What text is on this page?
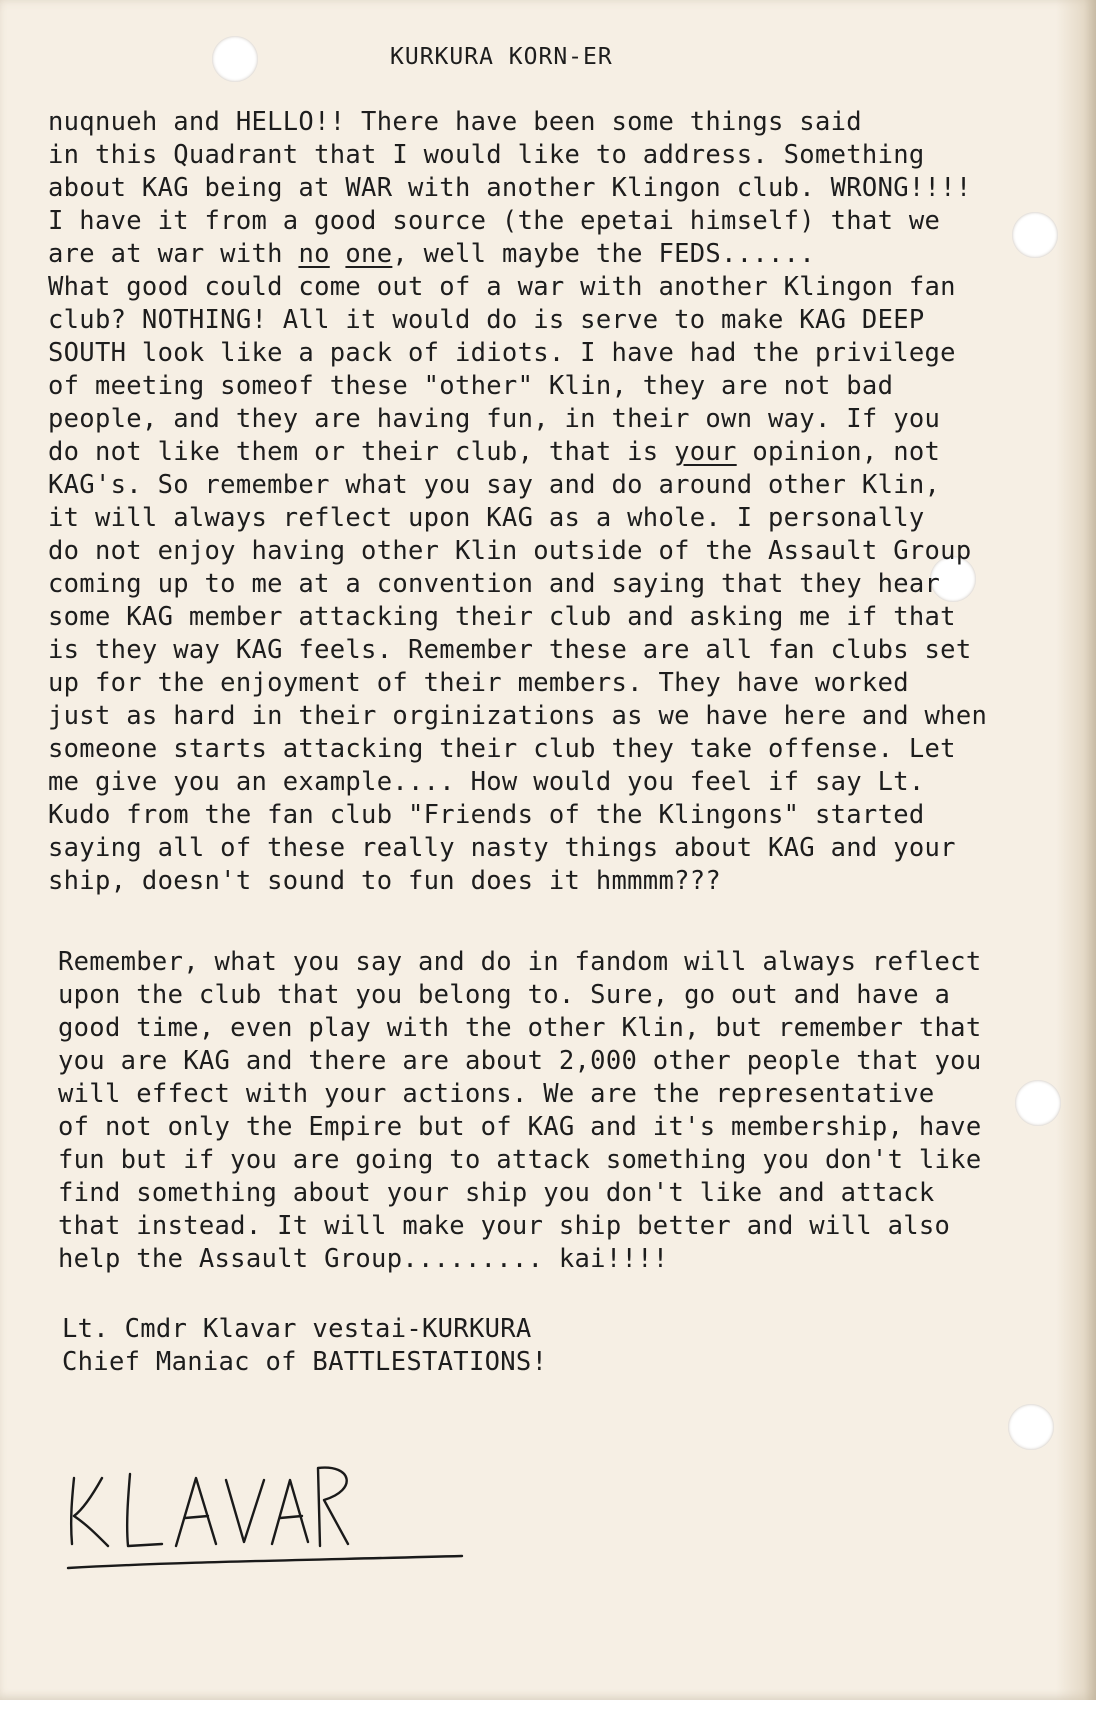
KURKURA KORN-ER
nuqnueh and HELLO!! There have been some things said
in this Quadrant that I would like to address. Something
about KAG being at WAR with another Klingon club. WRONG!!!!
I have it from a good source (the epetai himself) that we
are at war with no one, well maybe the FEDS......
What good could come out of a war with another Klingon fan
club? NOTHING! All it would do is serve to make KAG DEEP
SOUTH look like a pack of idiots. I have had the privilege
of meeting someof these "other" Klin, they are not bad
people, and they are having fun, in their own way. If you
do not like them or their club, that is your opinion, not
KAG's. So remember what you say and do around other Klin,
it will always reflect upon KAG as a whole. I personally
do not enjoy having other Klin outside of the Assault Group
coming up to me at a convention and saying that they hear
some KAG member attacking their club and asking me if that
is they way KAG feels. Remember these are all fan clubs set
up for the enjoyment of their members. They have worked
just as hard in their orginizations as we have here and when
someone starts attacking their club they take offense. Let
me give you an example.... How would you feel if say Lt.
Kudo from the fan club "Friends of the Klingons" started
saying all of these really nasty things about KAG and your
ship, doesn't sound to fun does it hmmmm???
Remember, what you say and do in fandom will always reflect
upon the club that you belong to. Sure, go out and have a
good time, even play with the other Klin, but remember that
you are KAG and there are about 2,000 other people that you
will effect with your actions. We are the representative
of not only the Empire but of KAG and it's membership, have
fun but if you are going to attack something you don't like
find something about your ship you don't like and attack
that instead. It will make your ship better and will also
help the Assault Group......... kai!!!!
Lt. Cmdr Klavar vestai-KURKURA
Chief Maniac of BATTLESTATIONS!
